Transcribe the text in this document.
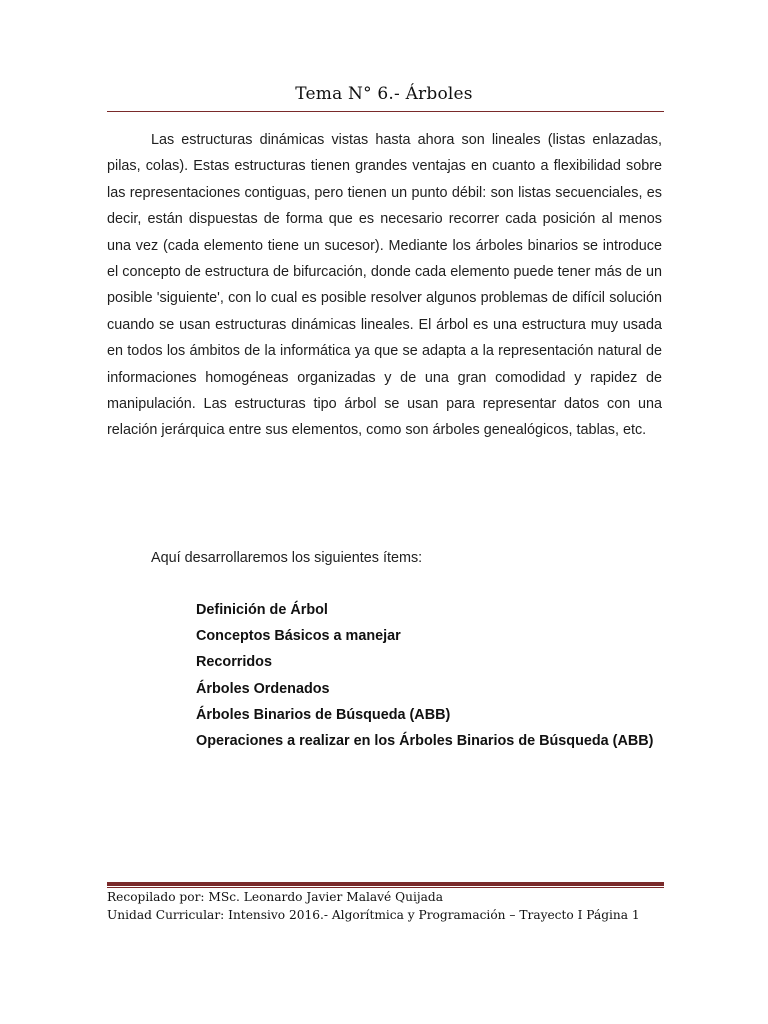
Tema N° 6.- Árboles

Las estructuras dinámicas vistas hasta ahora son lineales (listas enlazadas, pilas, colas). Estas estructuras tienen grandes ventajas en cuanto a flexibilidad sobre las representaciones contiguas, pero tienen un punto débil: son listas secuenciales, es decir, están dispuestas de forma que es necesario recorrer cada posición al menos una vez (cada elemento tiene un sucesor). Mediante los árboles binarios se introduce el concepto de estructura de bifurcación, donde cada elemento puede tener más de un posible 'siguiente', con lo cual es posible resolver algunos problemas de difícil solución cuando se usan estructuras dinámicas lineales. El árbol es una estructura muy usada en todos los ámbitos de la informática ya que se adapta a la representación natural de informaciones homogéneas organizadas y de una gran comodidad y rapidez de manipulación. Las estructuras tipo árbol se usan para representar datos con una relación jerárquica entre sus elementos, como son árboles genealógicos, tablas, etc.

Aquí desarrollaremos los siguientes ítems:

Definición de Árbol
Conceptos Básicos a manejar
Recorridos
Árboles Ordenados
Árboles Binarios de Búsqueda (ABB)
Operaciones a realizar en los Árboles Binarios de Búsqueda (ABB)
Recopilado por: MSc. Leonardo Javier Malavé Quijada
Unidad Curricular: Intensivo 2016.- Algorítmica y Programación – Trayecto I Página 1
